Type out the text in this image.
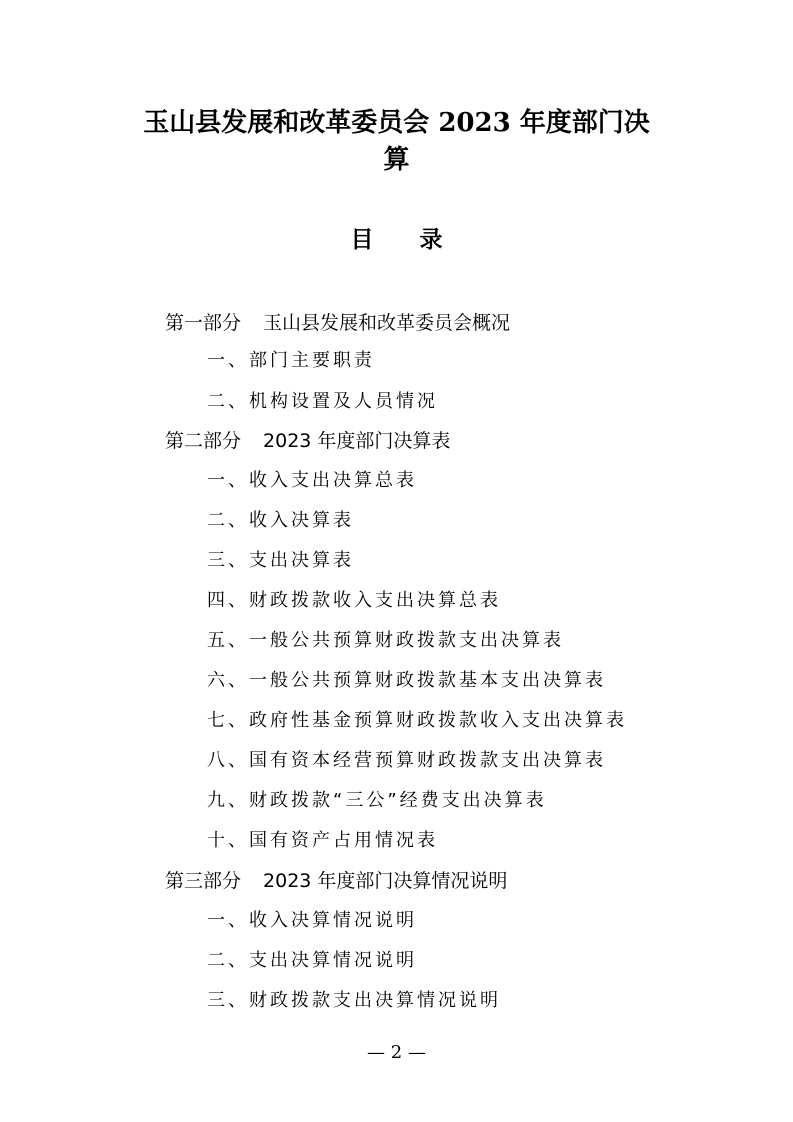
玉山县发展和改革委员会 2023 年度部门决
算
目 录
第一部分 玉山县发展和改革委员会概况
一、部门主要职责
二、机构设置及人员情况
第二部分 2023 年度部门决算表
一、收入支出决算总表
二、收入决算表
三、支出决算表
四、财政拨款收入支出决算总表
五、一般公共预算财政拨款支出决算表
六、一般公共预算财政拨款基本支出决算表
七、政府性基金预算财政拨款收入支出决算表
八、国有资本经营预算财政拨款支出决算表
九、财政拨款“三公”经费支出决算表
十、国有资产占用情况表
第三部分 2023 年度部门决算情况说明
一、收入决算情况说明
二、支出决算情况说明
三、财政拨款支出决算情况说明
— 2 —
